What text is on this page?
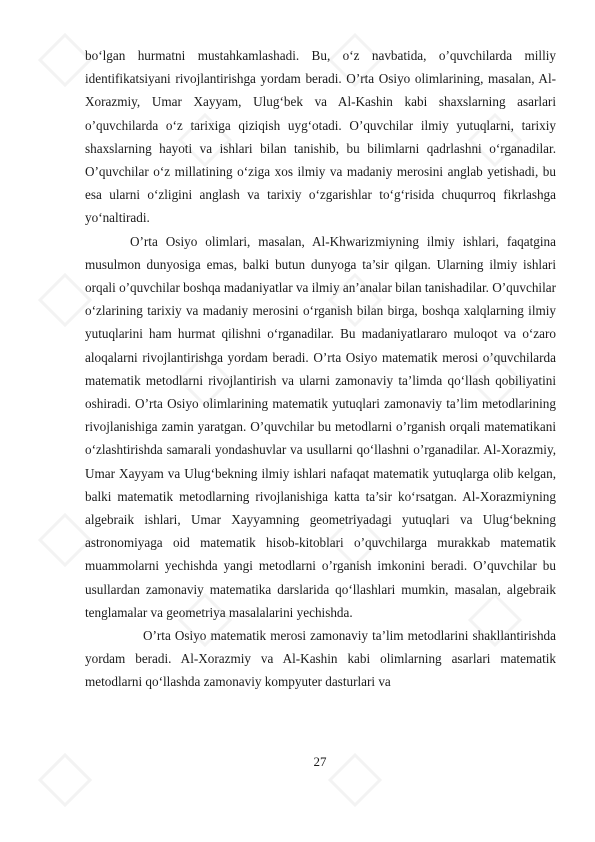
bo‘lgan hurmatni mustahkamlashadi. Bu, o‘z navbatida, o’quvchilarda milliy identifikatsiyani rivojlantirishga yordam beradi. O’rta Osiyo olimlarining, masalan, Al-Xorazmiy, Umar Xayyam, Ulug‘bek va Al-Kashin kabi shaxslarning asarlari o’quvchilarda o‘z tarixiga qiziqish uyg‘otadi. O’quvchilar ilmiy yutuqlarni, tarixiy shaxslarning hayoti va ishlari bilan tanishib, bu bilimlarni qadrlashni o‘rganadilar. O’quvchilar o‘z millatining o‘ziga xos ilmiy va madaniy merosini anglab yetishadi, bu esa ularni o‘zligini anglash va tarixiy o‘zgarishlar to‘g‘risida chuqurroq fikrlashga yo‘naltiradi.

O’rta Osiyo olimlari, masalan, Al-Khwarizmiyning ilmiy ishlari, faqatgina musulmon dunyosiga emas, balki butun dunyoga ta’sir qilgan. Ularning ilmiy ishlari orqali o’quvchilar boshqa madaniyatlar va ilmiy an’analar bilan tanishadilar. O’quvchilar o‘zlarining tarixiy va madaniy merosini o‘rganish bilan birga, boshqa xalqlarning ilmiy yutuqlarini ham hurmat qilishni o‘rganadilar. Bu madaniyatlararo muloqot va o‘zaro aloqalarni rivojlantirishga yordam beradi. O’rta Osiyo matematik merosi o’quvchilarda matematik metodlarni rivojlantirish va ularni zamonaviy ta’limda qo‘llash qobiliyatini oshiradi. O’rta Osiyo olimlarining matematik yutuqlari zamonaviy ta’lim metodlarining rivojlanishiga zamin yaratgan. O’quvchilar bu metodlarni o’rganish orqali matematikani o‘zlashtirishda samarali yondashuvlar va usullarni qo‘llashni o’rganadilar. Al-Xorazmiy, Umar Xayyam va Ulug‘bekning ilmiy ishlari nafaqat matematik yutuqlarga olib kelgan, balki matematik metodlarning rivojlanishiga katta ta’sir ko‘rsatgan. Al-Xorazmiyning algebraik ishlari, Umar Xayyamning geometriyadagi yutuqlari va Ulug‘bekning astronomiyaga oid matematik hisob-kitoblari o’quvchilarga murakkab matematik muammolarni yechishda yangi metodlarni o’rganish imkonini beradi. O’quvchilar bu usullardan zamonaviy matematika darslarida qo‘llashlari mumkin, masalan, algebraik tenglamalar va geometriya masalalarini yechishda.

O’rta Osiyo matematik merosi zamonaviy ta’lim metodlarini shakllantirishda yordam beradi. Al-Xorazmiy va Al-Kashin kabi olimlarning asarlari matematik metodlarni qo‘llashda zamonaviy kompyuter dasturlari va

27
